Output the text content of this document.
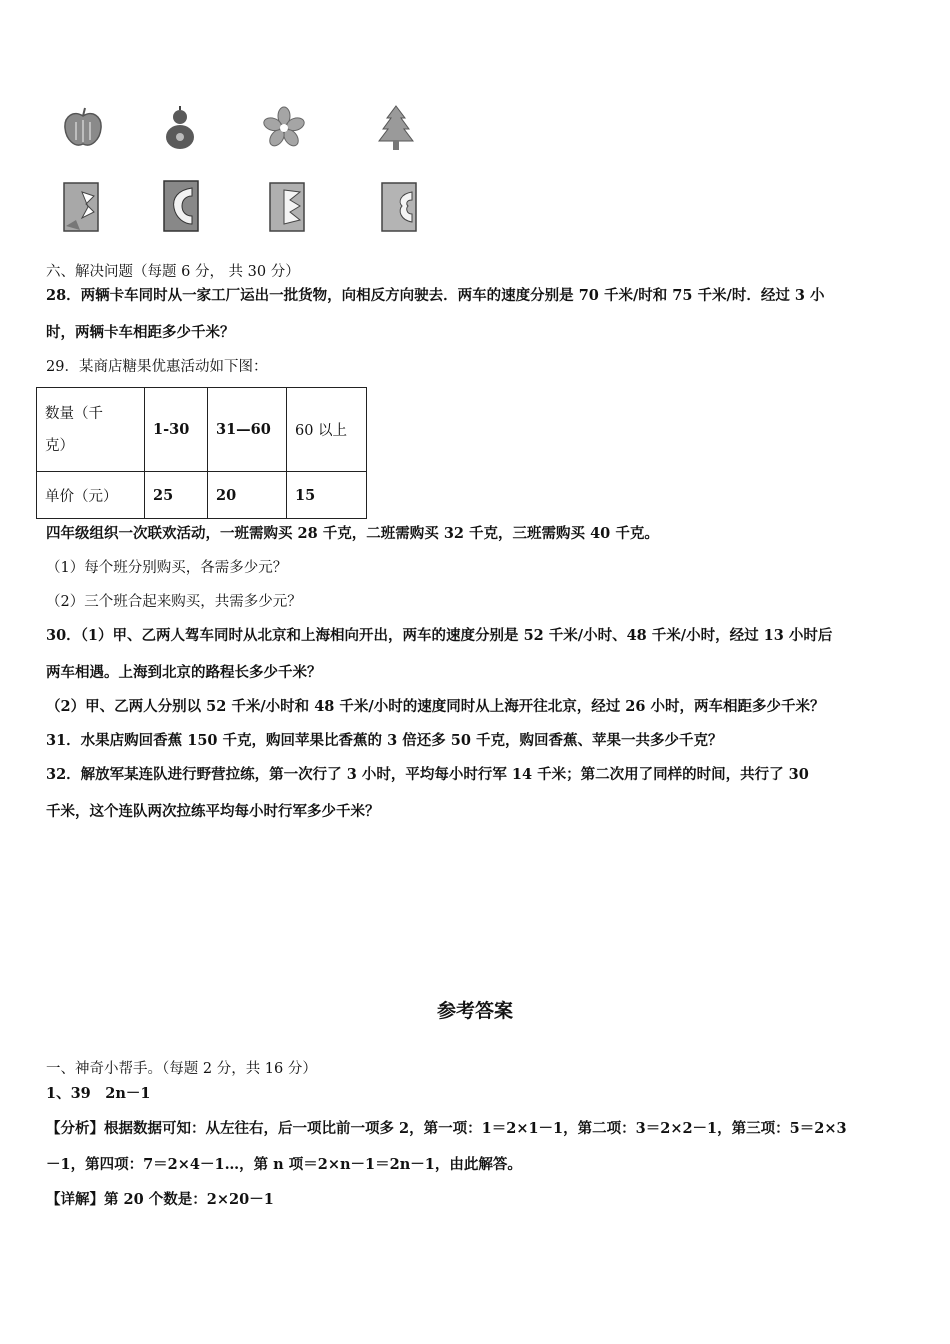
六、解决问题（每题 6 分， 共 30 分）
28．两辆卡车同时从一家工厂运出一批货物，向相反方向驶去．两车的速度分别是 70 千米/时和 75 千米/时．经过 3 小
时，两辆卡车相距多少千米？
29．某商店糖果优惠活动如下图：
数量（千
克）	1-30	31—60	60 以上
单价（元）	25	20	15
四年级组织一次联欢活动，一班需购买 28 千克，二班需购买 32 千克，三班需购买 40 千克。
（1）每个班分别购买，各需多少元？
（2）三个班合起来购买，共需多少元？
30．（1）甲、乙两人驾车同时从北京和上海相向开出，两车的速度分别是 52 千米/小时、48 千米/小时，经过 13 小时后
两车相遇。上海到北京的路程长多少千米？
（2）甲、乙两人分别以 52 千米/小时和 48 千米/小时的速度同时从上海开往北京，经过 26 小时，两车相距多少千米？
31．水果店购回香蕉 150 千克，购回苹果比香蕉的 3 倍还多 50 千克，购回香蕉、苹果一共多少千克？
32．解放军某连队进行野营拉练，第一次行了 3 小时，平均每小时行军 14 千米；第二次用了同样的时间，共行了 30
千米，这个连队两次拉练平均每小时行军多少千米？
参考答案
一、神奇小帮手。（每题 2 分，共 16 分）
1、39　2n－1
【分析】根据数据可知：从左往右，后一项比前一项多 2，第一项：1＝2×1－1，第二项：3＝2×2－1，第三项：5＝2×3
－1，第四项：7＝2×4－1…，第 n 项＝2×n－1＝2n－1，由此解答。
【详解】第 20 个数是：2×20－1
